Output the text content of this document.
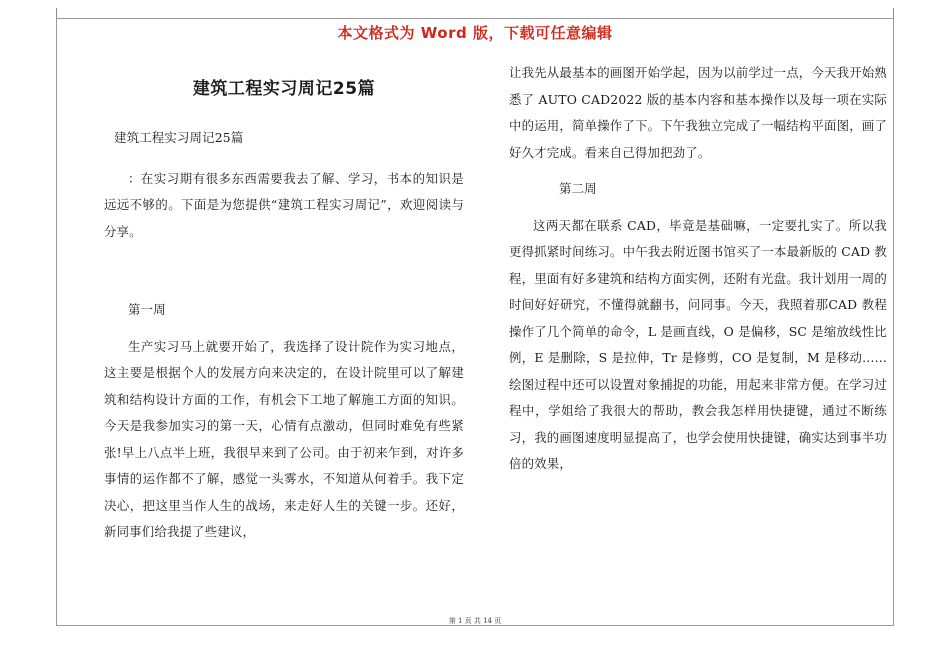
本文格式为 Word 版，下载可任意编辑
建筑工程实习周记25篇

建筑工程实习周记25篇

：在实习期有很多东西需要我去了解、学习，书本的知识是远远不够的。下面是为您提供“建筑工程实习周记”，欢迎阅读与分享。

第一周

生产实习马上就要开始了，我选择了设计院作为实习地点，这主要是根据个人的发展方向来决定的，在设计院里可以了解建筑和结构设计方面的工作，有机会下工地了解施工方面的知识。今天是我参加实习的第一天，心情有点激动，但同时难免有些紧张!早上八点半上班，我很早来到了公司。由于初来乍到，对许多事情的运作都不了解，感觉一头雾水，不知道从何着手。我下定决心，把这里当作人生的战场，来走好人生的关键一步。还好，新同事们给我提了些建议，

让我先从最基本的画图开始学起，因为以前学过一点，今天我开始熟悉了 AUTO CAD2022 版的基本内容和基本操作以及每一项在实际中的运用，简单操作了下。下午我独立完成了一幅结构平面图，画了好久才完成。看来自己得加把劲了。

第二周

这两天都在联系 CAD，毕竟是基础嘛，一定要扎实了。所以我更得抓紧时间练习。中午我去附近图书馆买了一本最新版的 CAD 教程，里面有好多建筑和结构方面实例，还附有光盘。我计划用一周的时间好好研究，不懂得就翻书，问同事。今天，我照着那CAD 教程操作了几个简单的命令，L 是画直线，O 是偏移，SC 是缩放线性比例，E 是删除，S 是拉伸，Tr 是修剪，CO 是复制，M 是移动......绘图过程中还可以设置对象捕捉的功能，用起来非常方便。在学习过程中，学姐给了我很大的帮助，教会我怎样用快捷键，通过不断练习，我的画图速度明显提高了，也学会使用快捷键，确实达到事半功倍的效果，

第 1 页 共 14 页
